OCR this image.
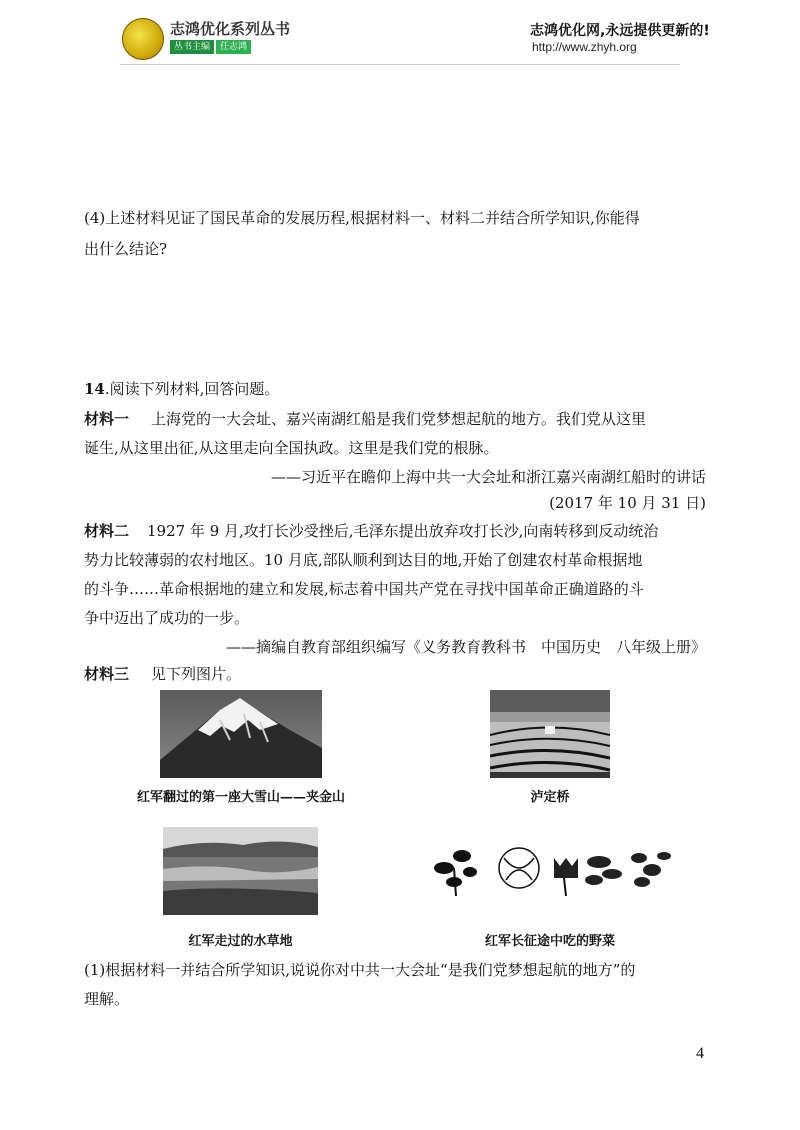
志鸿优化系列丛书
丛书主编	任志鸿
志鸿优化网,永远提供更新的!
http://www.zhyh.org
(4)上述材料见证了国民革命的发展历程,根据材料一、材料二并结合所学知识,你能得
出什么结论?
14.阅读下列材料,回答问题。
材料一 上海党的一大会址、嘉兴南湖红船是我们党梦想起航的地方。我们党从这里
诞生,从这里出征,从这里走向全国执政。这里是我们党的根脉。
——习近平在瞻仰上海中共一大会址和浙江嘉兴南湖红船时的讲话
(2017 年 10 月 31 日)
材料二 1927 年 9 月,攻打长沙受挫后,毛泽东提出放弃攻打长沙,向南转移到反动统治
势力比较薄弱的农村地区。10 月底,部队顺利到达目的地,开始了创建农村革命根据地
的斗争……革命根据地的建立和发展,标志着中国共产党在寻找中国革命正确道路的斗
争中迈出了成功的一步。
——摘编自教育部组织编写《义务教育教科书　中国历史　八年级上册》
材料三 见下列图片。
红军翻过的第一座大雪山——夹金山	泸定桥
红军走过的水草地	红军长征途中吃的野菜
(1)根据材料一并结合所学知识,说说你对中共一大会址“是我们党梦想起航的地方”的
理解。
4
